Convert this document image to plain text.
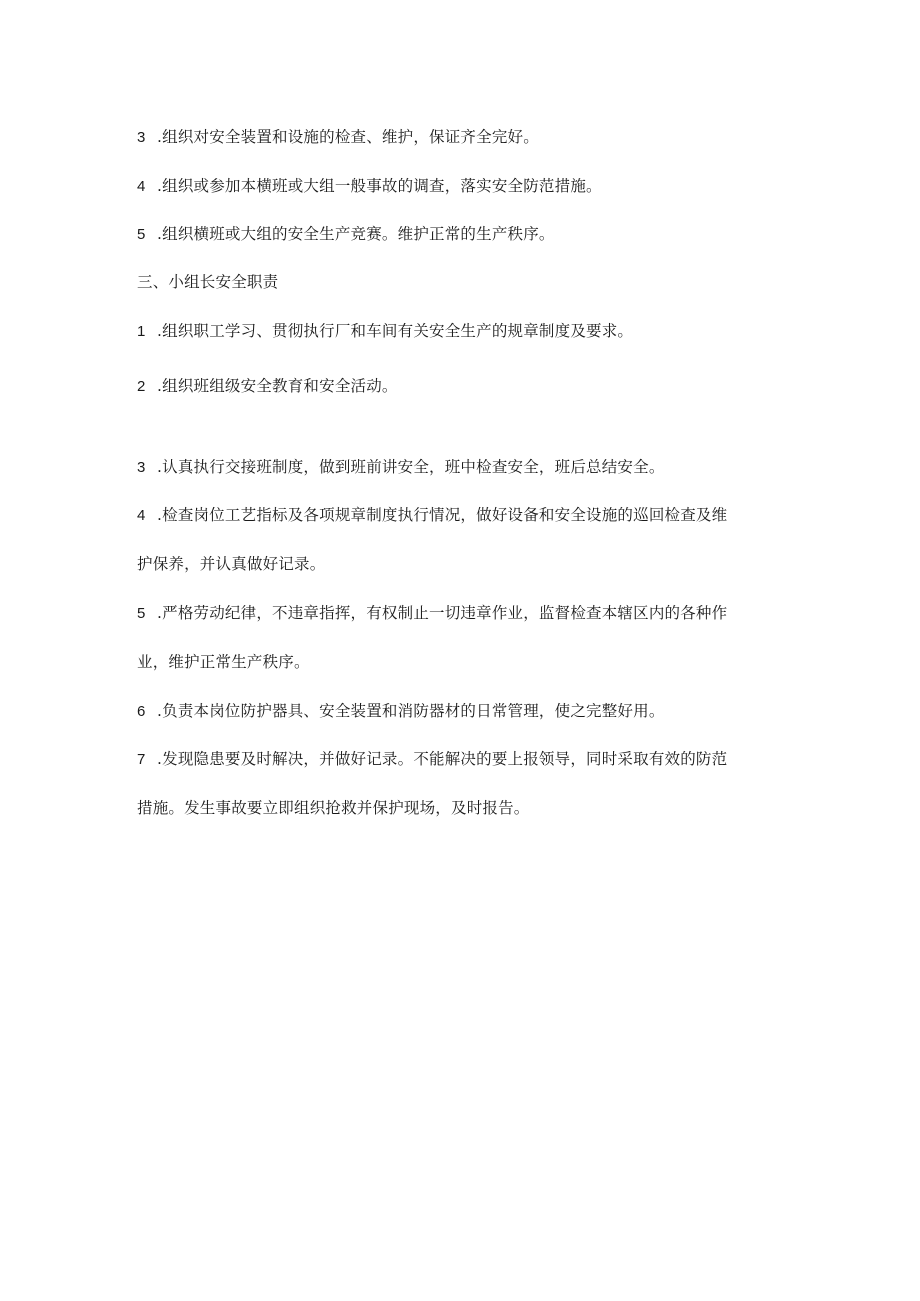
3 .组织对安全装置和设施的检查、维护，保证齐全完好。
4 .组织或参加本横班或大组一般事故的调查，落实安全防范措施。
5 .组织横班或大组的安全生产竞赛。维护正常的生产秩序。
三、小组长安全职责
1 .组织职工学习、贯彻执行厂和车间有关安全生产的规章制度及要求。
2 .组织班组级安全教育和安全活动。
3 .认真执行交接班制度，做到班前讲安全，班中检查安全，班后总结安全。
4 .检查岗位工艺指标及各项规章制度执行情况，做好设备和安全设施的巡回检查及维
护保养，并认真做好记录。
5 .严格劳动纪律，不违章指挥，有权制止一切违章作业，监督检查本辖区内的各种作
业，维护正常生产秩序。
6 .负责本岗位防护器具、安全装置和消防器材的日常管理，使之完整好用。
7 .发现隐患要及时解决，并做好记录。不能解决的要上报领导，同时采取有效的防范
措施。发生事故要立即组织抢救并保护现场，及时报告。
